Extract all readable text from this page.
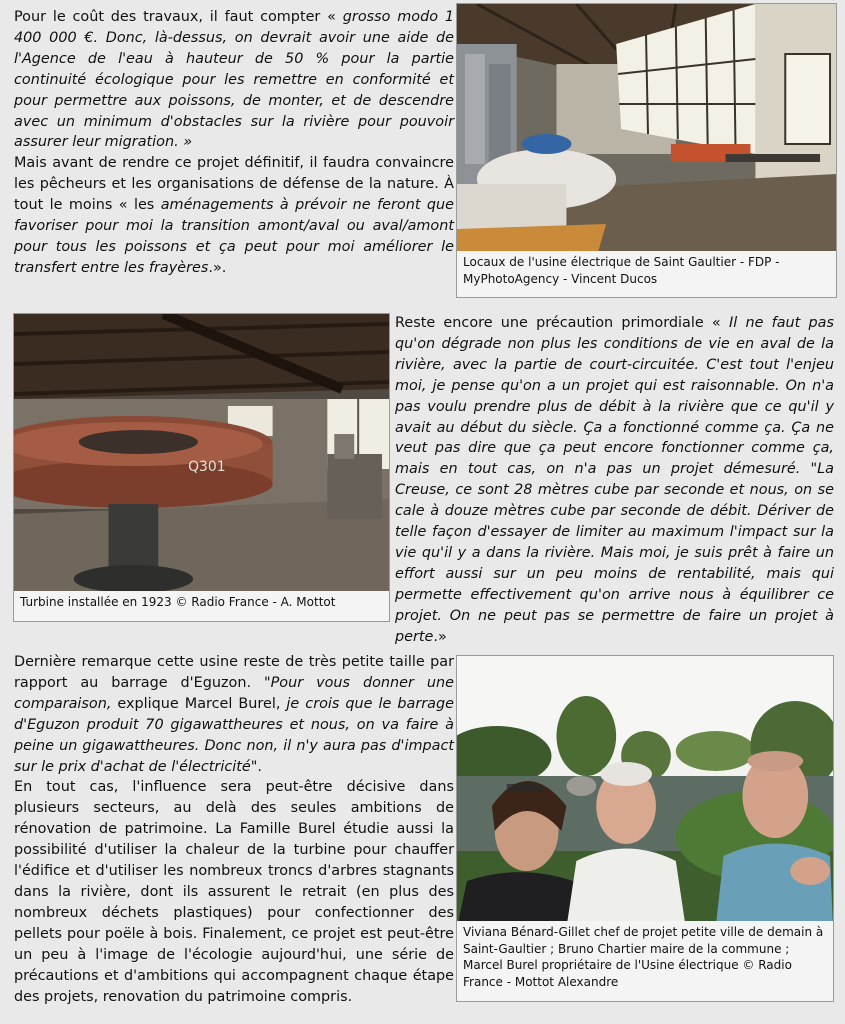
Pour le coût des travaux, il faut compter « grosso modo 1 400 000 €. Donc, là-dessus, on devrait avoir une aide de l'Agence de l'eau à hauteur de 50 % pour la partie continuité écologique pour les remettre en conformité et pour permettre aux poissons, de monter, et de descendre avec un minimum d'obstacles sur la rivière pour pouvoir assurer leur migration. »

Mais avant de rendre ce projet définitif, il faudra convaincre les pêcheurs et les organisations de défense de la nature. À tout le moins « les aménagements à prévoir ne feront que favoriser pour moi la transition amont/aval ou aval/amont pour tous les poissons et ça peut pour moi améliorer le transfert entre les frayères.».	Locaux de l'usine électrique de Saint Gaultier - FDP - MyPhotoAgency - Vincent Ducos
Q301
Turbine installée en 1923 © Radio France - A. Mottot

Reste encore une précaution primordiale « Il ne faut pas qu'on dégrade non plus les conditions de vie en aval de la rivière, avec la partie de court-circuitée. C'est tout l'enjeu moi, je pense qu'on a un projet qui est raisonnable. On n'a pas voulu prendre plus de débit à la rivière que ce qu'il y avait au début du siècle. Ça a fonctionné comme ça. Ça ne veut pas dire que ça peut encore fonctionner comme ça, mais en tout cas, on n'a pas un projet démesuré. "La Creuse, ce sont 28 mètres cube par seconde et nous, on se cale à douze mètres cube par seconde de débit. Dériver de telle façon d'essayer de limiter au maximum l'impact sur la vie qu'il y a dans la rivière. Mais moi, je suis prêt à faire un effort aussi sur un peu moins de rentabilité, mais qui permette effectivement qu'on arrive nous à équilibrer ce projet. On ne peut pas se permettre de faire un projet à perte.»

Dernière remarque cette usine reste de très petite taille par rapport au barrage d'Eguzon. "Pour vous donner une comparaison, explique Marcel Burel, je crois que le barrage d'Eguzon produit 70 gigawattheures et nous, on va faire à peine un gigawattheures. Donc non, il n'y aura pas d'impact sur le prix d'achat de l'électricité".

En tout cas, l'influence sera peut-être décisive dans plusieurs secteurs, au delà des seules ambitions de rénovation de patrimoine. La Famille Burel étudie aussi la possibilité d'utiliser la chaleur de la turbine pour chauffer l'édifice et d'utiliser les nombreux troncs d'arbres stagnants dans la rivière, dont ils assurent le retrait (en plus des nombreux déchets plastiques) pour confectionner des pellets pour poële à bois. Finalement, ce projet est peut-être un peu à l'image de l'écologie aujourd'hui, une série de précautions et d'ambitions qui accompagnent chaque étape des projets, renovation du patrimoine compris.

Viviana Bénard-Gillet chef de projet petite ville de demain à Saint-Gaultier ; Bruno Chartier maire de la commune ; Marcel Burel propriétaire de l'Usine électrique © Radio France - Mottot Alexandre
